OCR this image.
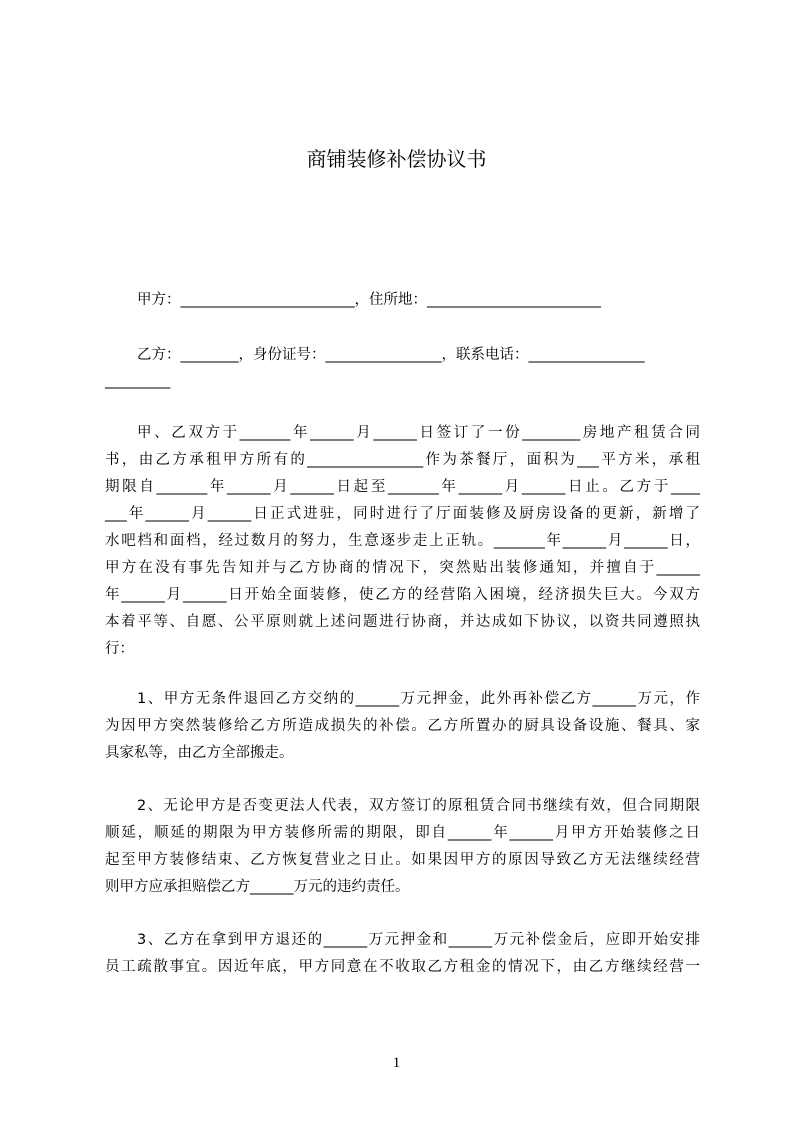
商铺装修补偿协议书
甲方：________________________，住所地：________________________
乙方：________，身份证号：________________，联系电话：________________
_________
甲、乙双方于_______年______月______日签订了一份________房地产租赁合同
书，由乙方承租甲方所有的________________作为茶餐厅，面积为___平方米，承租
期限自_______年______月______日起至_______年______月______日止。乙方于____
___年______月______日正式进驻，同时进行了厅面装修及厨房设备的更新，新增了
水吧档和面档，经过数月的努力，生意逐步走上正轨。_______年______月______日，
甲方在没有事先告知并与乙方协商的情况下，突然贴出装修通知，并擅自于______
年______月______日开始全面装修，使乙方的经营陷入困境，经济损失巨大。今双方
本着平等、自愿、公平原则就上述问题进行协商，并达成如下协议，以资共同遵照执
行：
1、甲方无条件退回乙方交纳的______万元押金，此外再补偿乙方______万元，作
为因甲方突然装修给乙方所造成损失的补偿。乙方所置办的厨具设备设施、餐具、家
具家私等，由乙方全部搬走。
2、无论甲方是否变更法人代表，双方签订的原租赁合同书继续有效，但合同期限
顺延，顺延的期限为甲方装修所需的期限，即自______年______月甲方开始装修之日
起至甲方装修结束、乙方恢复营业之日止。如果因甲方的原因导致乙方无法继续经营
则甲方应承担赔偿乙方______万元的违约责任。
3、乙方在拿到甲方退还的______万元押金和______万元补偿金后，应即开始安排
员工疏散事宜。因近年底，甲方同意在不收取乙方租金的情况下，由乙方继续经营一
1
